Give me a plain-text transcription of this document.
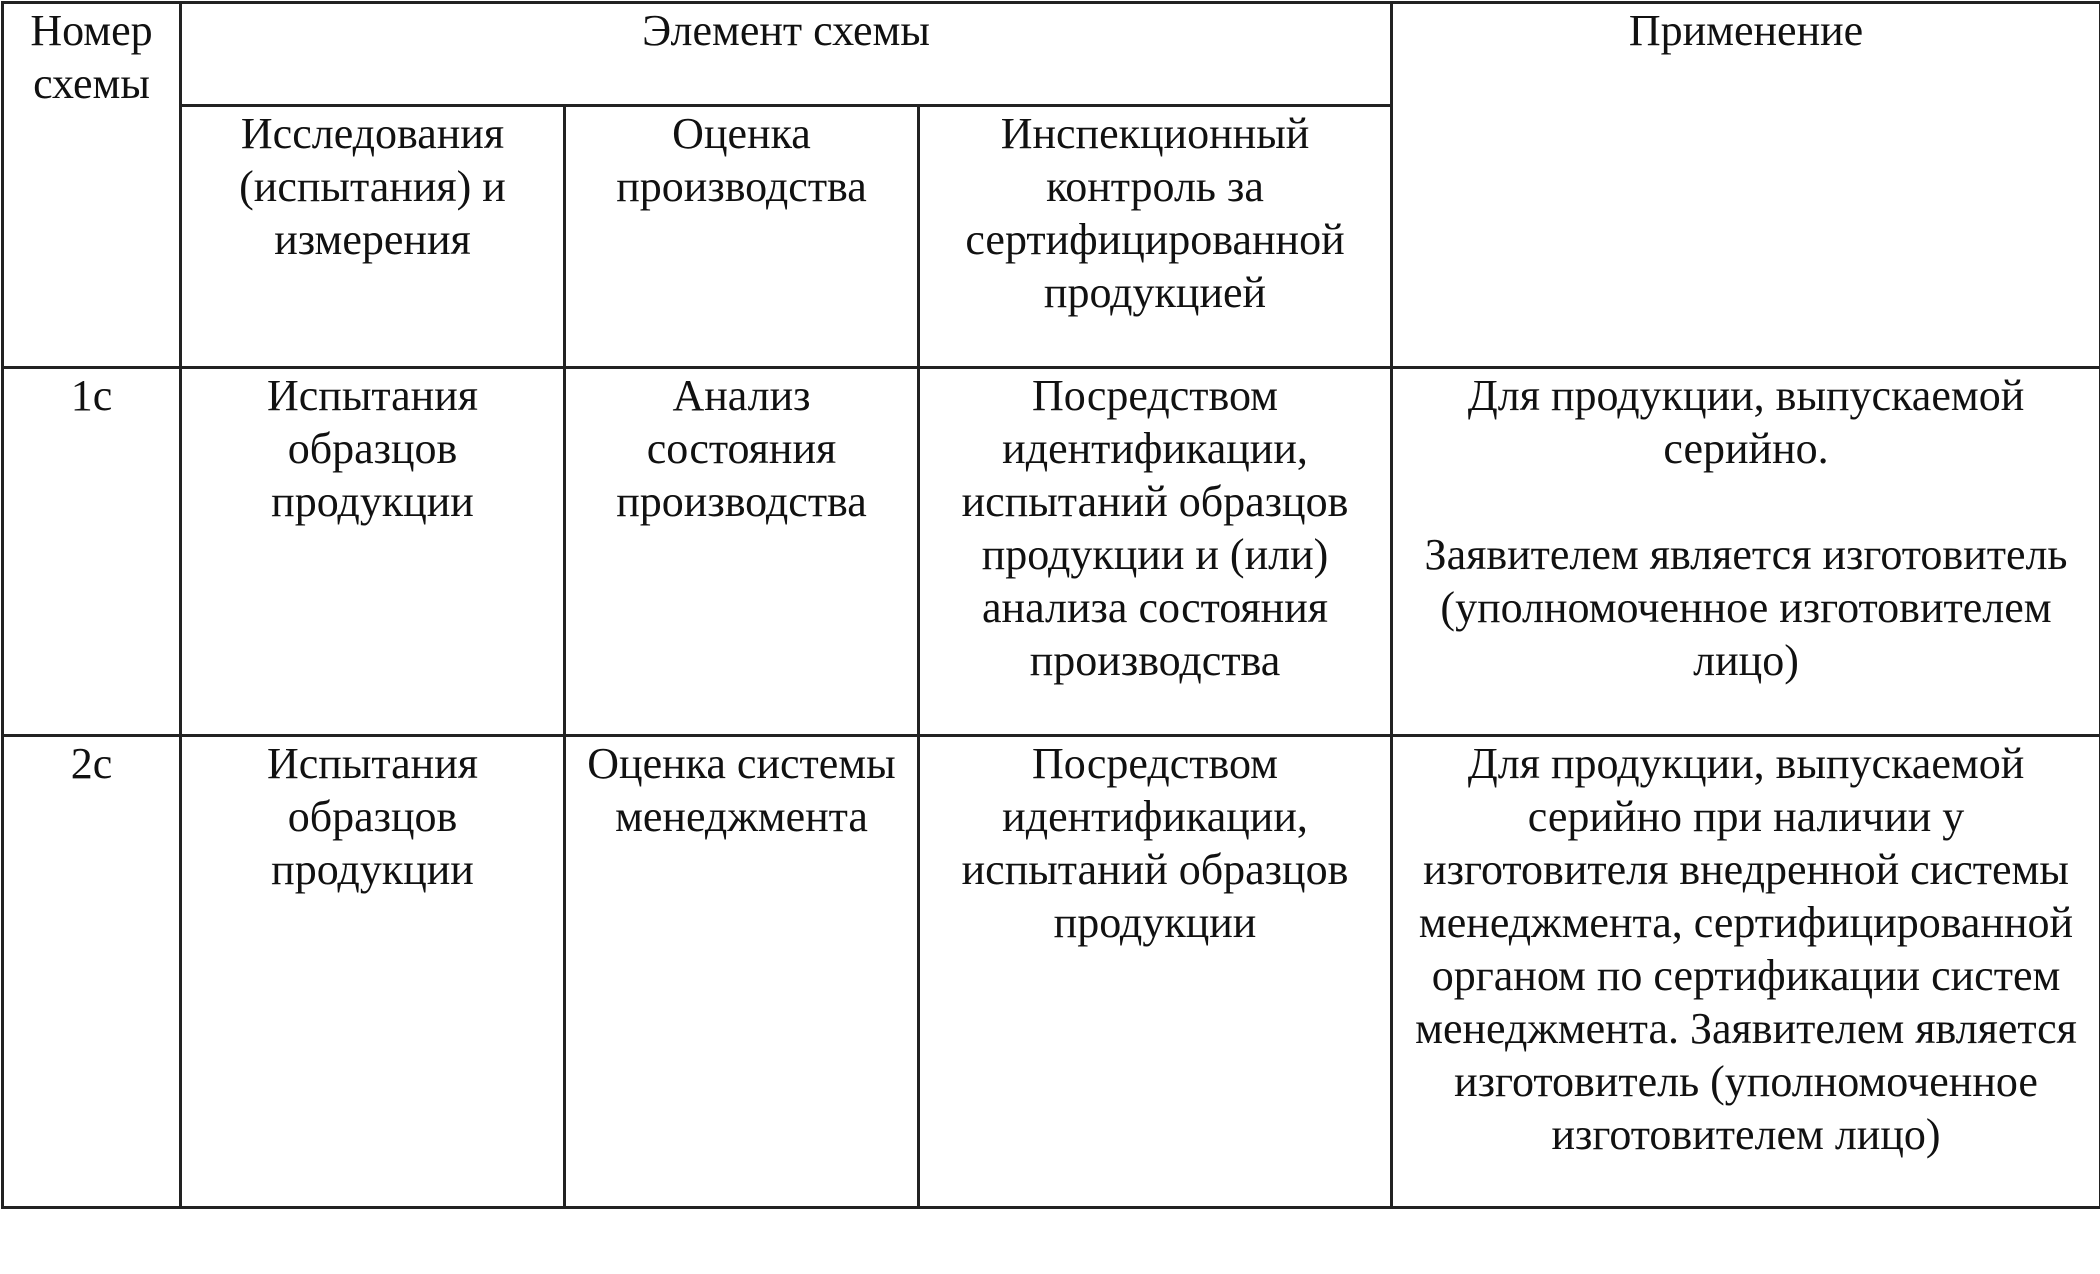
Номер схемы	Элемент схемы			Применение
	Исследования (испытания) и измерения	Оценка производства	Инспекционный контроль за сертифицированной продукцией	
1с	Испытания образцов продукции	Анализ состояния производства	Посредством идентификации, испытаний образцов продукции и (или) анализа состояния производства	Для продукции, выпускаемой серийно.
Заявителем является изготовитель (уполномоченное изготовителем лицо)

2с	Испытания образцов продукции	Оценка системы менеджмента	Посредством идентификации, испытаний образцов продукции	Для продукции, выпускаемой серийно при наличии у изготовителя внедренной системы менеджмента, сертифицированной органом по сертификации систем менеджмента. Заявителем является изготовитель (уполномоченное изготовителем лицо)
